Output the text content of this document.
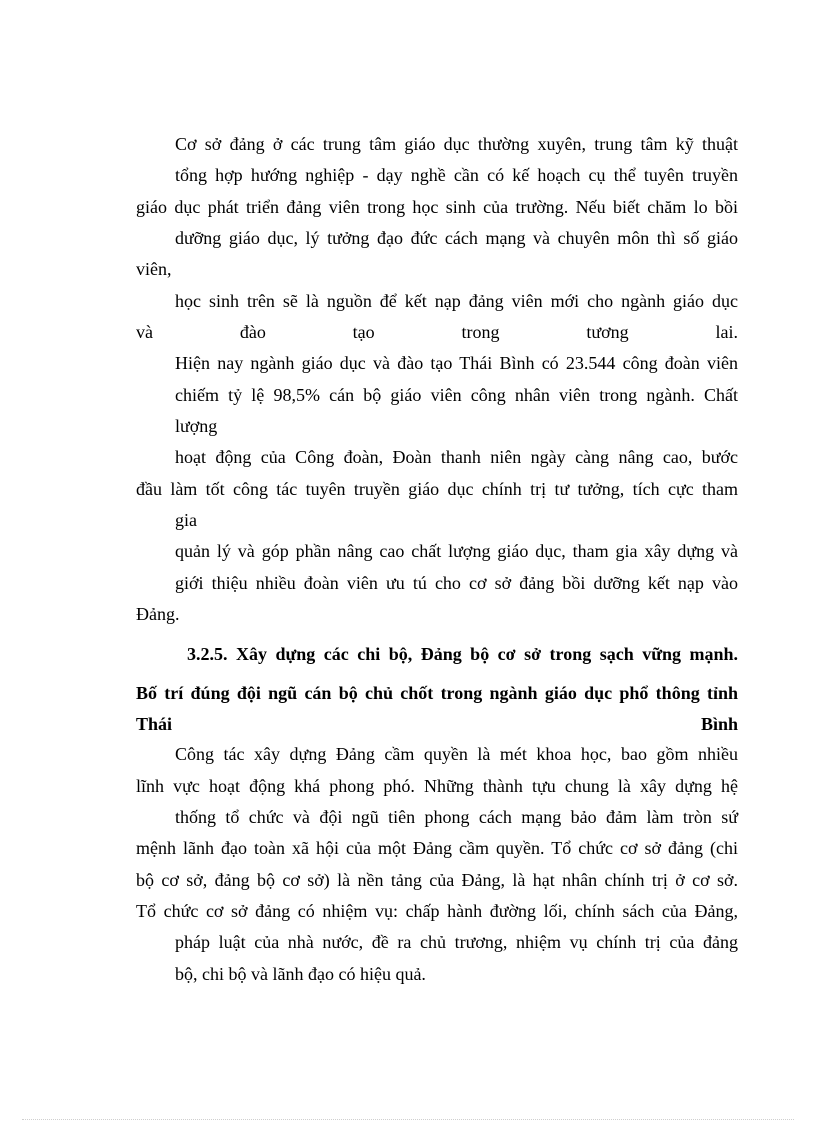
Cơ sở đảng ở các trung tâm giáo dục thường xuyên, trung tâm kỹ thuật
tổng hợp hướng nghiệp - dạy nghề cần có kế hoạch cụ thể tuyên truyền
giáo dục phát triển đảng viên trong học sinh của trường. Nếu biết chăm lo bồi
dưỡng giáo dục, lý tưởng đạo đức cách mạng và chuyên môn thì số giáo
viên,
học sinh trên sẽ là nguồn để kết nạp đảng viên mới cho ngành giáo dục
và đào tạo trong tương lai.
Hiện nay ngành giáo dục và đào tạo Thái Bình có 23.544 công đoàn viên
chiếm tỷ lệ 98,5% cán bộ giáo viên công nhân viên trong ngành. Chất
lượng
hoạt động của Công đoàn, Đoàn thanh niên ngày càng nâng cao, bước
đầu làm tốt công tác tuyên truyền giáo dục chính trị tư tưởng, tích cực tham
gia
quản lý và góp phần nâng cao chất lượng giáo dục, tham gia xây dựng và
giới thiệu nhiều đoàn viên ưu tú cho cơ sở đảng bồi dưỡng kết nạp vào
Đảng.
3.2.5. Xây dựng các chi bộ, Đảng bộ cơ sở trong sạch vững mạnh.
Bố trí đúng đội ngũ cán bộ chủ chốt trong ngành giáo dục phổ thông tỉnh
Thái Bình
Công tác xây dựng Đảng cầm quyền là mét khoa học, bao gồm nhiều
lĩnh vực hoạt động khá phong phó. Những thành tựu chung là xây dựng hệ
thống tổ chức và đội ngũ tiên phong cách mạng bảo đảm làm tròn sứ
mệnh lãnh đạo toàn xã hội của một Đảng cầm quyền. Tổ chức cơ sở đảng (chi
bộ cơ sở, đảng bộ cơ sở) là nền tảng của Đảng, là hạt nhân chính trị ở cơ sở.
Tổ chức cơ sở đảng có nhiệm vụ: chấp hành đường lối, chính sách của Đảng,
pháp luật của nhà nước, đề ra chủ trương, nhiệm vụ chính trị của đảng
bộ, chi bộ và lãnh đạo có hiệu quả.
